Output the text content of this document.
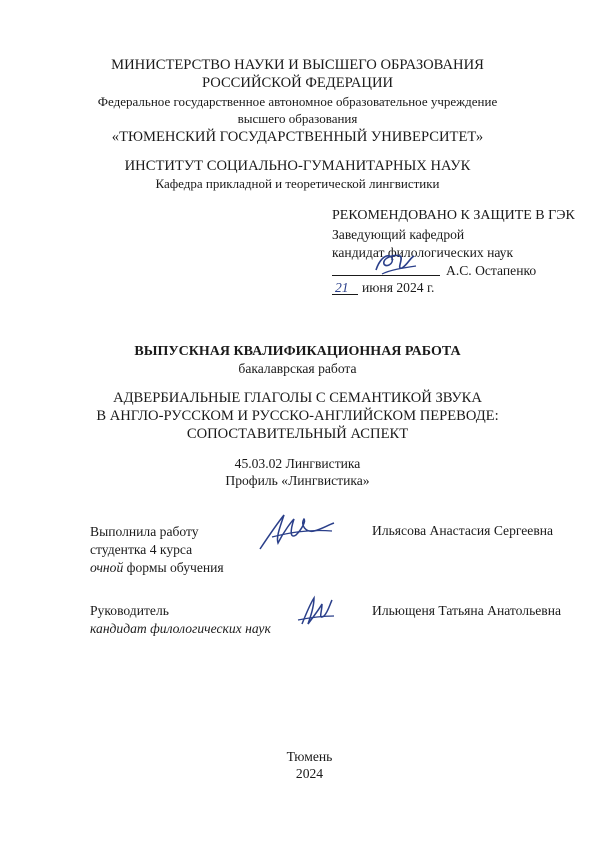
МИНИСТЕРСТВО НАУКИ И ВЫСШЕГО ОБРАЗОВАНИЯ
РОССИЙСКОЙ ФЕДЕРАЦИИ
Федеральное государственное автономное образовательное учреждение
высшего образования
«ТЮМЕНСКИЙ ГОСУДАРСТВЕННЫЙ УНИВЕРСИТЕТ»
ИНСТИТУТ СОЦИАЛЬНО-ГУМАНИТАРНЫХ НАУК
Кафедра прикладной и теоретической лингвистики
РЕКОМЕНДОВАНО К ЗАЩИТЕ В ГЭК
Заведующий кафедрой
кандидат филологических наук
А.С. Остапенко
21 июня 2024 г.
ВЫПУСКНАЯ КВАЛИФИКАЦИОННАЯ РАБОТА
бакалаврская работа
АДВЕРБИАЛЬНЫЕ ГЛАГОЛЫ С СЕМАНТИКОЙ ЗВУКА
В АНГЛО-РУССКОМ И РУССКО-АНГЛИЙСКОМ ПЕРЕВОДЕ:
СОПОСТАВИТЕЛЬНЫЙ АСПЕКТ
45.03.02 Лингвистика
Профиль «Лингвистика»
Выполнила работу
студентка 4 курса
очной формы обучения
Ильясова Анастасия Сергеевна
Руководитель
кандидат филологических наук
Ильющеня Татьяна Анатольевна
Тюмень
2024
